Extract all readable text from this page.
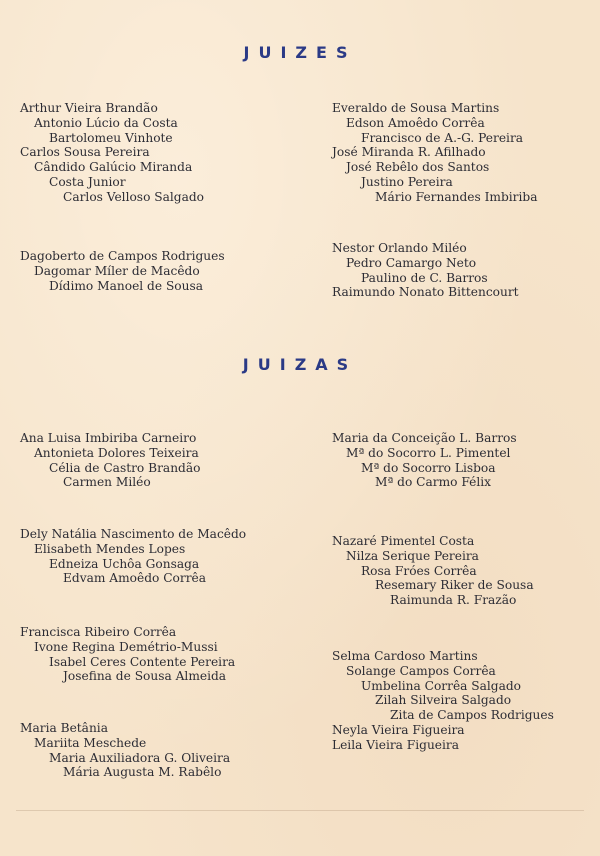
JUIZES
Arthur Vieira Brandão
Antonio Lúcio da Costa
Bartolomeu Vinhote
Carlos Sousa Pereira
Cândido Galúcio Miranda
Costa Junior
Carlos Velloso Salgado
Everaldo de Sousa Martins
Edson Amoêdo Corrêa
Francisco de A.-G. Pereira
José Miranda R. Afilhado
José Rebêlo dos Santos
Justino Pereira
Mário Fernandes Imbiriba
Dagoberto de Campos Rodrigues
Dagomar Míler de Macêdo
Dídimo Manoel de Sousa
Nestor Orlando Miléo
Pedro Camargo Neto
Paulino de C. Barros
Raimundo Nonato Bittencourt
JUIZAS
Ana Luisa Imbiriba Carneiro
Antonieta Dolores Teixeira
Célia de Castro Brandão
Carmen Miléo
Maria da Conceição L. Barros
Mª do Socorro L. Pimentel
Mª do Socorro Lisboa
Mª do Carmo Félix
Dely Natália Nascimento de Macêdo
Elisabeth Mendes Lopes
Edneiza Uchôa Gonsaga
Edvam Amoêdo Corrêa
Nazaré Pimentel Costa
Nilza Serique Pereira
Rosa Fróes Corrêa
Resemary Riker de Sousa
Raimunda R. Frazão
Francisca Ribeiro Corrêa
Ivone Regina Demétrio-Mussi
Isabel Ceres Contente Pereira
Josefina de Sousa Almeida
Selma Cardoso Martins
Solange Campos Corrêa
Umbelina Corrêa Salgado
Zilah Silveira Salgado
Zita de Campos Rodrigues
Neyla Vieira Figueira
Leila Vieira Figueira
Maria Betânia
Mariita Meschede
Maria Auxiliadora G. Oliveira
Mária Augusta M. Rabêlo
